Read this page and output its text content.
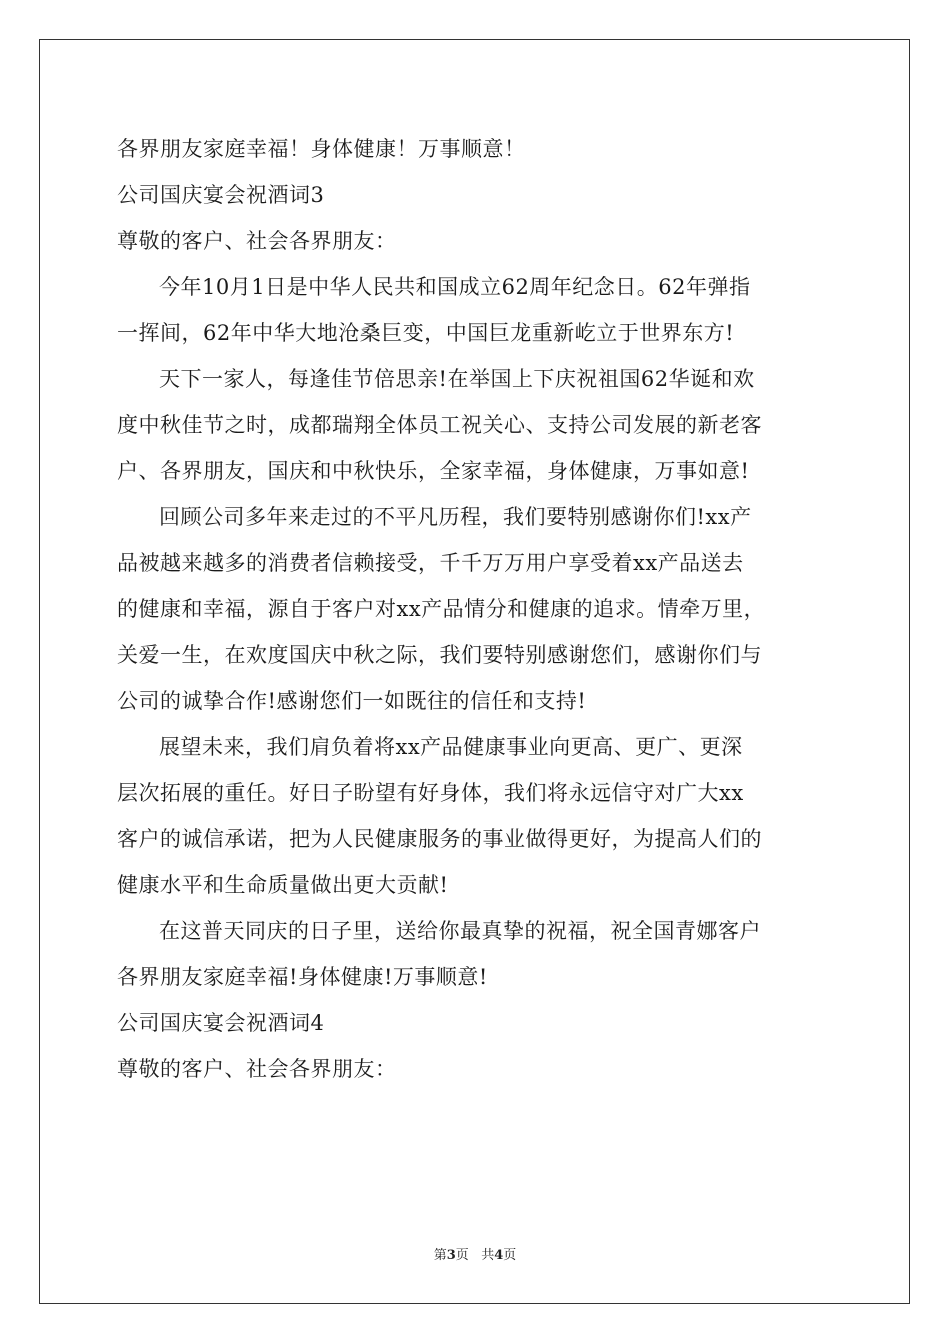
各界朋友家庭幸福！身体健康！万事顺意！
公司国庆宴会祝酒词3
尊敬的客户、社会各界朋友：
今年10月1日是中华人民共和国成立62周年纪念日。62年弹指
一挥间，62年中华大地沧桑巨变，中国巨龙重新屹立于世界东方!
天下一家人，每逢佳节倍思亲!在举国上下庆祝祖国62华诞和欢
度中秋佳节之时，成都瑞翔全体员工祝关心、支持公司发展的新老客
户、各界朋友，国庆和中秋快乐，全家幸福，身体健康，万事如意!
回顾公司多年来走过的不平凡历程，我们要特别感谢你们!xx产
品被越来越多的消费者信赖接受，千千万万用户享受着xx产品送去
的健康和幸福，源自于客户对xx产品情分和健康的追求。情牵万里，
关爱一生，在欢度国庆中秋之际，我们要特别感谢您们，感谢你们与
公司的诚挚合作!感谢您们一如既往的信任和支持!
展望未来，我们肩负着将xx产品健康事业向更高、更广、更深
层次拓展的重任。好日子盼望有好身体，我们将永远信守对广大xx
客户的诚信承诺，把为人民健康服务的事业做得更好，为提高人们的
健康水平和生命质量做出更大贡献!
在这普天同庆的日子里，送给你最真挚的祝福，祝全国青娜客户
各界朋友家庭幸福!身体健康!万事顺意!
公司国庆宴会祝酒词4
尊敬的客户、社会各界朋友：
第3页   共4页
